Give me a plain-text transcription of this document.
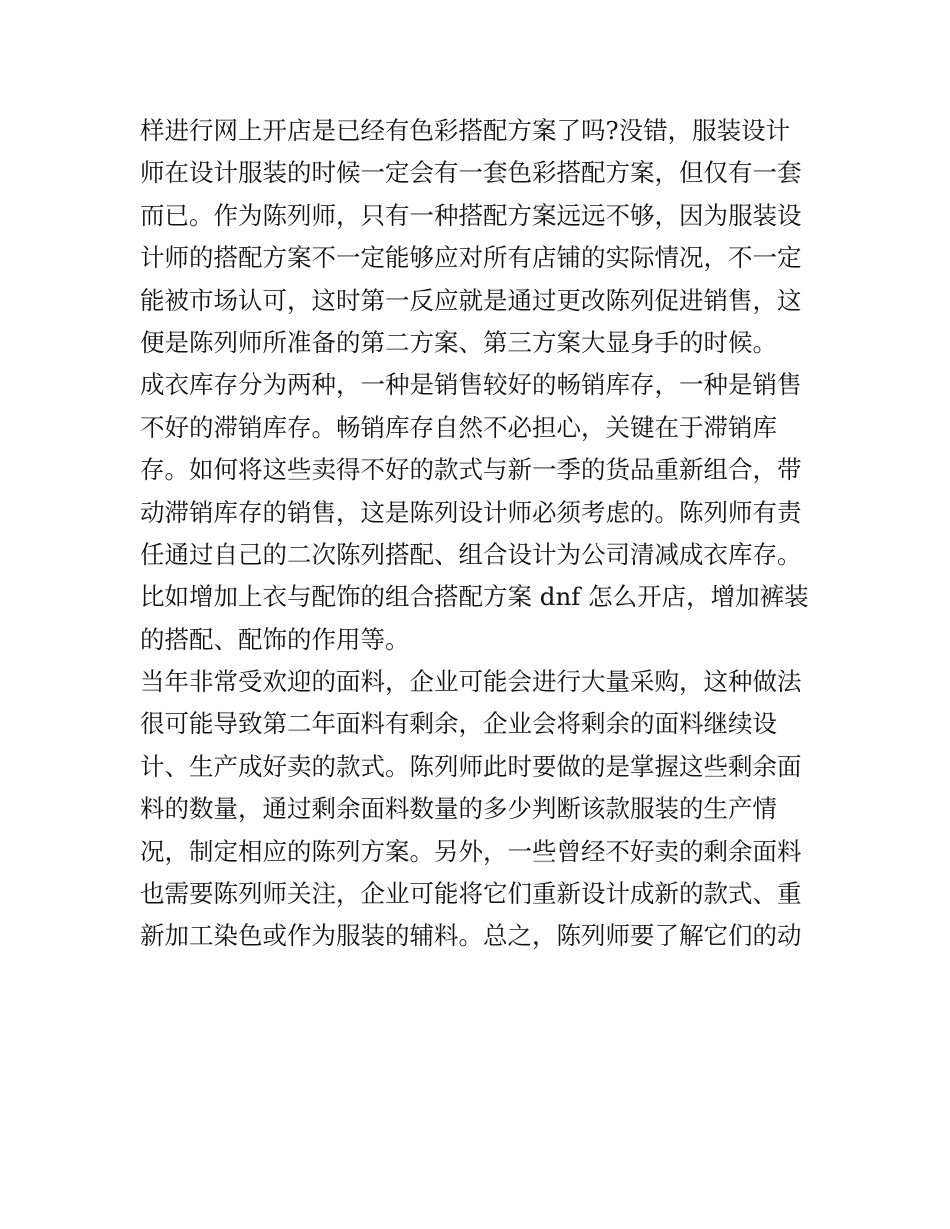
样进行网上开店是已经有色彩搭配方案了吗?没错，服装设计
师在设计服装的时候一定会有一套色彩搭配方案，但仅有一套
而已。作为陈列师，只有一种搭配方案远远不够，因为服装设
计师的搭配方案不一定能够应对所有店铺的实际情况，不一定
能被市场认可，这时第一反应就是通过更改陈列促进销售，这
便是陈列师所准备的第二方案、第三方案大显身手的时候。
成衣库存分为两种，一种是销售较好的畅销库存，一种是销售
不好的滞销库存。畅销库存自然不必担心，关键在于滞销库
存。如何将这些卖得不好的款式与新一季的货品重新组合，带
动滞销库存的销售，这是陈列设计师必须考虑的。陈列师有责
任通过自己的二次陈列搭配、组合设计为公司清减成衣库存。
比如增加上衣与配饰的组合搭配方案 dnf 怎么开店，增加裤装
的搭配、配饰的作用等。
当年非常受欢迎的面料，企业可能会进行大量采购，这种做法
很可能导致第二年面料有剩余，企业会将剩余的面料继续设
计、生产成好卖的款式。陈列师此时要做的是掌握这些剩余面
料的数量，通过剩余面料数量的多少判断该款服装的生产情
况，制定相应的陈列方案。另外，一些曾经不好卖的剩余面料
也需要陈列师关注，企业可能将它们重新设计成新的款式、重
新加工染色或作为服装的辅料。总之，陈列师要了解它们的动
